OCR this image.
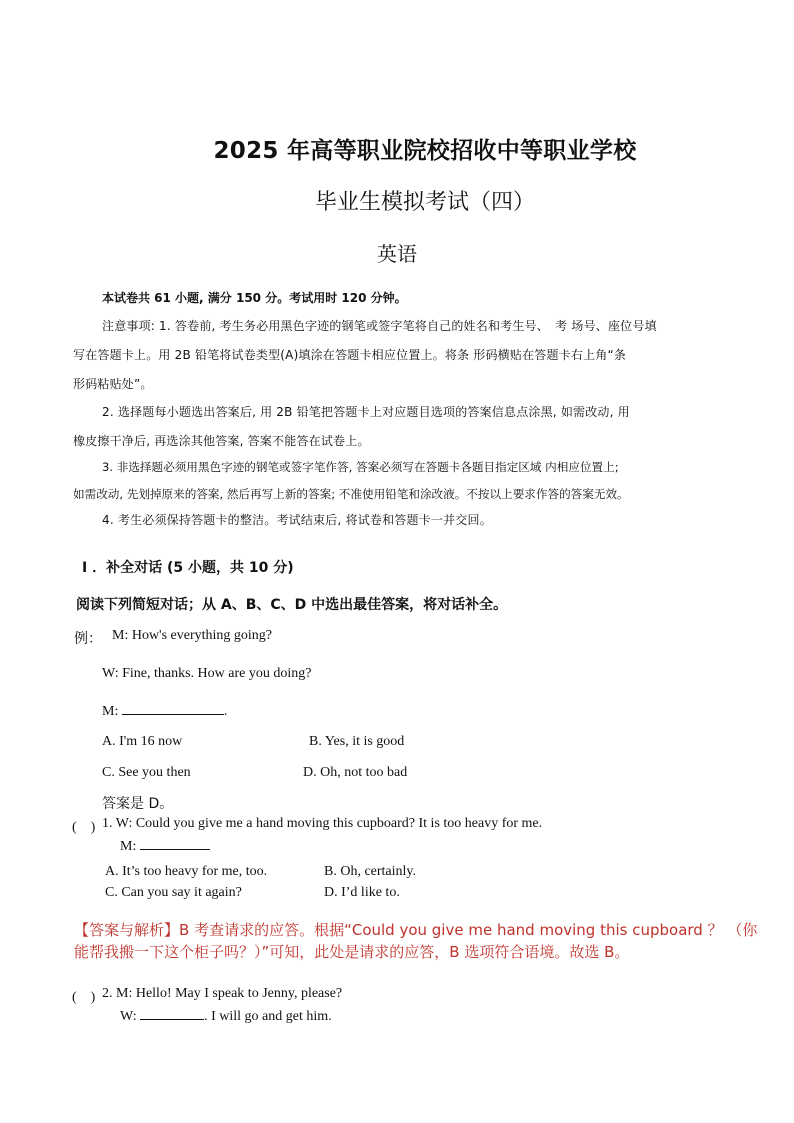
2025 年高等职业院校招收中等职业学校
毕业生模拟考试（四）
英语
本试卷共 61 小题, 满分 150 分。考试用时 120 分钟。
注意事项: 1. 答卷前, 考生务必用黑色字迹的钢笔或签字笔将自己的姓名和考生号、　考 场号、座位号填
写在答题卡上。用 2B 铅笔将试卷类型(A)填涂在答题卡相应位置上。将条 形码横贴在答题卡右上角“条
形码粘贴处”。
2. 选择题每小题选出答案后, 用 2B 铅笔把答题卡上对应题目选项的答案信息点涂黑, 如需改动, 用
橡皮擦干净后, 再选涂其他答案, 答案不能答在试卷上。
3. 非选择题必须用黑色字迹的钢笔或签字笔作答, 答案必须写在答题卡各题目指定区域 内相应位置上;
如需改动, 先划掉原来的答案, 然后再写上新的答案; 不准使用铅笔和涂改液。不按以上要求作答的答案无效。
4. 考生必须保持答题卡的整洁。考试结束后, 将试卷和答题卡一并交回。
Ⅰ ．补全对话 (5 小题，共 10 分)
阅读下列简短对话；从 A、B、C、D 中选出最佳答案，将对话补全。
例： M: How's everything going?
W: Fine, thanks. How are you doing?
M:	.
A. I'm 16 now	B. Yes, it is good
C. See you then	D. Oh, not too bad
答案是 D。
(　) 1. W: Could you give me a hand moving this cupboard? It is too heavy for me.
M:
A. It’s too heavy for me, too.	B. Oh, certainly.
C. Can you say it again?	D. I’d like to.
【答案与解析】B 考查请求的应答。根据“Could you give me hand moving this cupboard ？ （你
能帮我搬一下这个柜子吗？）”可知，此处是请求的应答，B 选项符合语境。故选 B。
(　) 2. M: Hello! May I speak to Jenny, please?
W:	. I will go and get him.
